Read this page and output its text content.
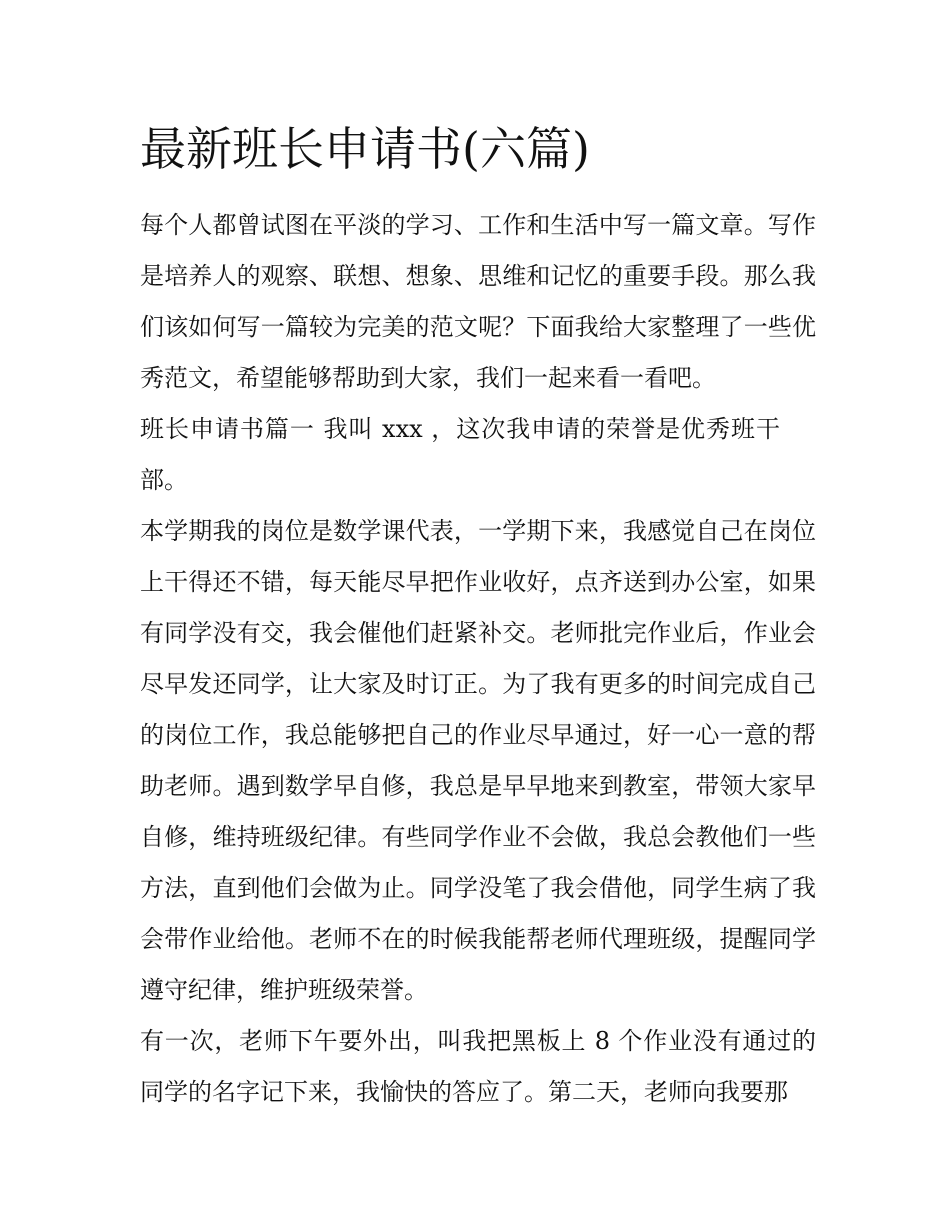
最新班长申请书(六篇)

每个人都曾试图在平淡的学习、工作和生活中写一篇文章。写作是培养人的观察、联想、想象、思维和记忆的重要手段。那么我们该如何写一篇较为完美的范文呢？下面我给大家整理了一些优秀范文，希望能够帮助到大家，我们一起来看一看吧。

班长申请书篇一 我叫 xxx ，这次我申请的荣誉是优秀班干部。

本学期我的岗位是数学课代表，一学期下来，我感觉自己在岗位上干得还不错，每天能尽早把作业收好，点齐送到办公室，如果有同学没有交，我会催他们赶紧补交。老师批完作业后，作业会尽早发还同学，让大家及时订正。为了我有更多的时间完成自己的岗位工作，我总能够把自己的作业尽早通过，好一心一意的帮助老师。遇到数学早自修，我总是早早地来到教室，带领大家早自修，维持班级纪律。有些同学作业不会做，我总会教他们一些方法，直到他们会做为止。同学没笔了我会借他，同学生病了我会带作业给他。老师不在的时候我能帮老师代理班级，提醒同学遵守纪律，维护班级荣誉。

有一次，老师下午要外出，叫我把黑板上 8 个作业没有通过的同学的名字记下来，我愉快的答应了。第二天，老师向我要那
